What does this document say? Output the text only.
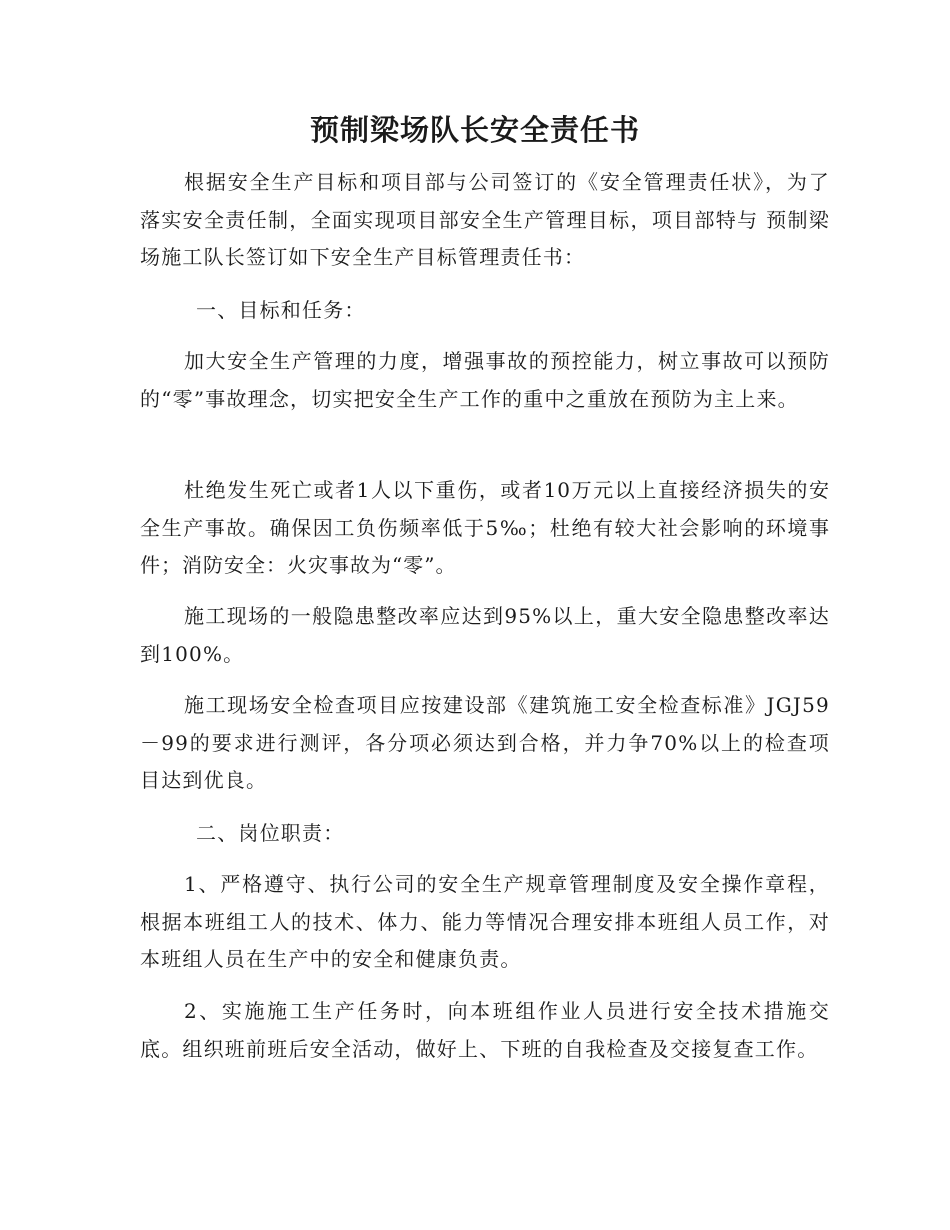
预制梁场队长安全责任书

根据安全生产目标和项目部与公司签订的《安全管理责任状》，为了落实安全责任制，全面实现项目部安全生产管理目标，项目部特与 预制梁场施工队长签订如下安全生产目标管理责任书：

一、目标和任务：

加大安全生产管理的力度，增强事故的预控能力，树立事故可以预防的“零”事故理念，切实把安全生产工作的重中之重放在预防为主上来。

杜绝发生死亡或者1人以下重伤，或者10万元以上直接经济损失的安全生产事故。确保因工负伤频率低于5‰；杜绝有较大社会影响的环境事件；消防安全：火灾事故为“零”。

施工现场的一般隐患整改率应达到95%以上，重大安全隐患整改率达到100%。

施工现场安全检查项目应按建设部《建筑施工安全检查标准》JGJ59－99的要求进行测评，各分项必须达到合格，并力争70%以上的检查项目达到优良。

二、岗位职责：

1、严格遵守、执行公司的安全生产规章管理制度及安全操作章程，根据本班组工人的技术、体力、能力等情况合理安排本班组人员工作，对本班组人员在生产中的安全和健康负责。

2、实施施工生产任务时，向本班组作业人员进行安全技术措施交底。组织班前班后安全活动，做好上、下班的自我检查及交接复查工作。
